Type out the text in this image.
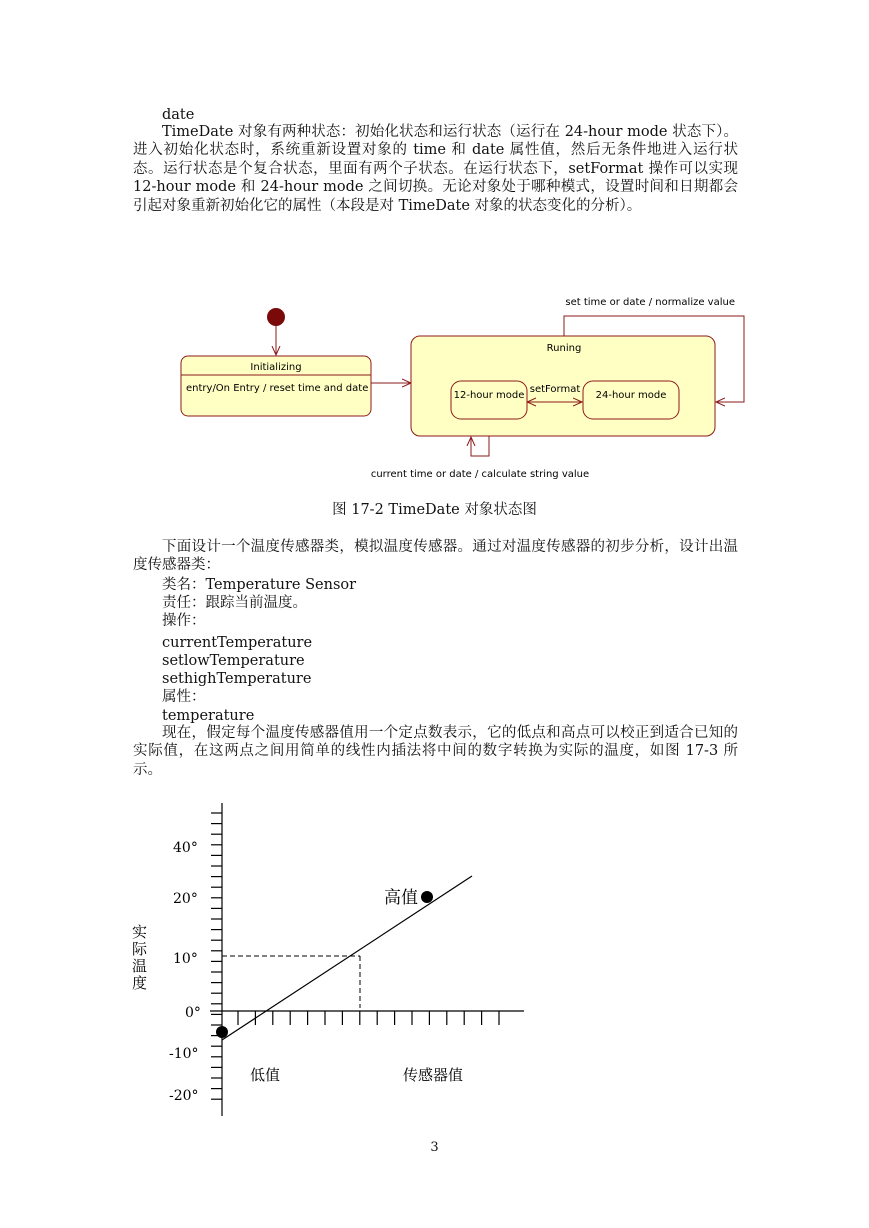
date
TimeDate 对象有两种状态：初始化状态和运行状态（运行在 24-hour mode 状态下）。进入初始化状态时，系统重新设置对象的 time 和 date 属性值，然后无条件地进入运行状态。运行状态是个复合状态，里面有两个子状态。在运行状态下，setFormat 操作可以实现 12-hour mode 和 24-hour mode 之间切换。无论对象处于哪种模式，设置时间和日期都会引起对象重新初始化它的属性（本段是对 TimeDate 对象的状态变化的分析）。
Initializing
entry/On Entry / reset time and date
Runing
12-hour mode	24-hour mode
setFormat
set time or date / normalize value
current time or date / calculate string value
图 17-2 TimeDate 对象状态图
下面设计一个温度传感器类，模拟温度传感器。通过对温度传感器的初步分析，设计出温度传感器类：
类名：Temperature Sensor
责任：跟踪当前温度。
操作：
currentTemperature
setlowTemperature
sethighTemperature
属性：
temperature
现在，假定每个温度传感器值用一个定点数表示，它的低点和高点可以校正到适合已知的实际值，在这两点之间用简单的线性内插法将中间的数字转换为实际的温度，如图 17-3 所示。
40°
20°
10°
0°
-10°
-20°
实
际
温
度
高值
低值	传感器值
3
